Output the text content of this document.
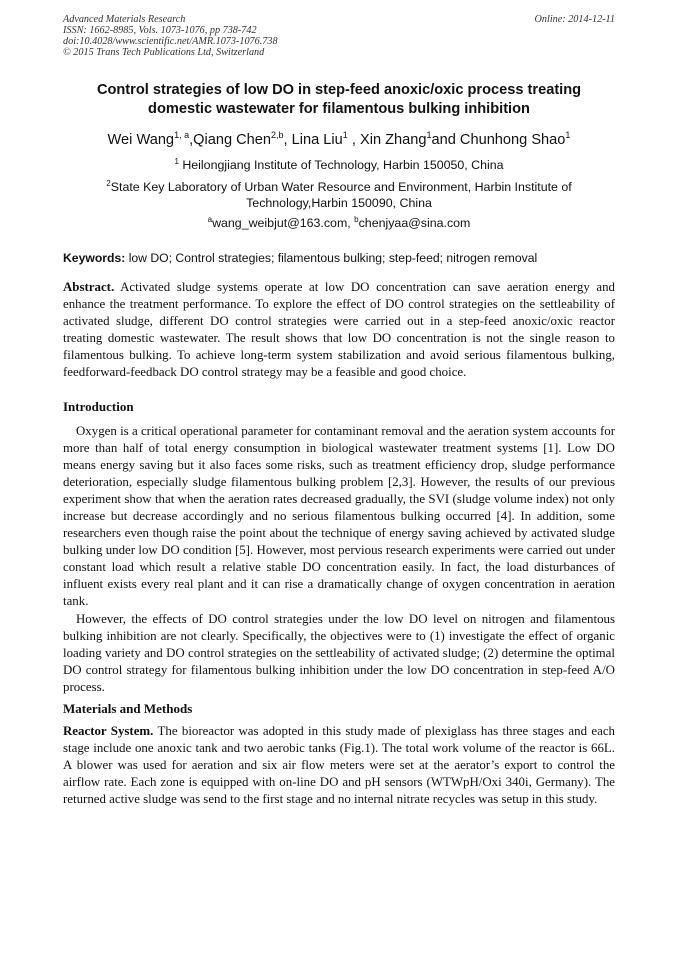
Advanced Materials Research
ISSN: 1662-8985, Vols. 1073-1076, pp 738-742
doi:10.4028/www.scientific.net/AMR.1073-1076.738
© 2015 Trans Tech Publications Ltd, Switzerland
Online: 2014-12-11
Control strategies of low DO in step-feed anoxic/oxic process treating
domestic wastewater for filamentous bulking inhibition
Wei Wang$^{1, a}$,Qiang Chen$^{2,b}$, Lina Liu$^1$ , Xin Zhang$^1$and Chunhong Shao$^1$
$^1$ Heilongjiang Institute of Technology, Harbin 150050, China
$^2$State Key Laboratory of Urban Water Resource and Environment, Harbin Institute of
Technology,Harbin 150090, China
$^a$wang_weibjut@163.com, $^b$chenjyaa@sina.com
Keywords: low DO; Control strategies; filamentous bulking; step-feed; nitrogen removal

Abstract. Activated sludge systems operate at low DO concentration can save aeration energy and enhance the treatment performance. To explore the effect of DO control strategies on the settleability of activated sludge, different DO control strategies were carried out in a step-feed anoxic/oxic reactor treating domestic wastewater. The result shows that low DO concentration is not the single reason to filamentous bulking. To achieve long-term system stabilization and avoid serious filamentous bulking, feedforward-feedback DO control strategy may be a feasible and good choice.

Introduction

Oxygen is a critical operational parameter for contaminant removal and the aeration system accounts for more than half of total energy consumption in biological wastewater treatment systems [1]. Low DO means energy saving but it also faces some risks, such as treatment efficiency drop, sludge performance deterioration, especially sludge filamentous bulking problem [2,3]. However, the results of our previous experiment show that when the aeration rates decreased gradually, the SVI (sludge volume index) not only increase but decrease accordingly and no serious filamentous bulking occurred [4]. In addition, some researchers even though raise the point about the technique of energy saving achieved by activated sludge bulking under low DO condition [5]. However, most pervious research experiments were carried out under constant load which result a relative stable DO concentration easily. In fact, the load disturbances of influent exists every real plant and it can rise a dramatically change of oxygen concentration in aeration tank.

However, the effects of DO control strategies under the low DO level on nitrogen and filamentous bulking inhibition are not clearly. Specifically, the objectives were to (1) investigate the effect of organic loading variety and DO control strategies on the settleability of activated sludge; (2) determine the optimal DO control strategy for filamentous bulking inhibition under the low DO concentration in step-feed A/O process.

Materials and Methods

Reactor System. The bioreactor was adopted in this study made of plexiglass has three stages and each stage include one anoxic tank and two aerobic tanks (Fig.1). The total work volume of the reactor is 66L. A blower was used for aeration and six air flow meters were set at the aerator’s export to control the airflow rate. Each zone is equipped with on-line DO and pH sensors (WTWpH/Oxi 340i, Germany). The returned active sludge was send to the first stage and no internal nitrate recycles was setup in this study.
